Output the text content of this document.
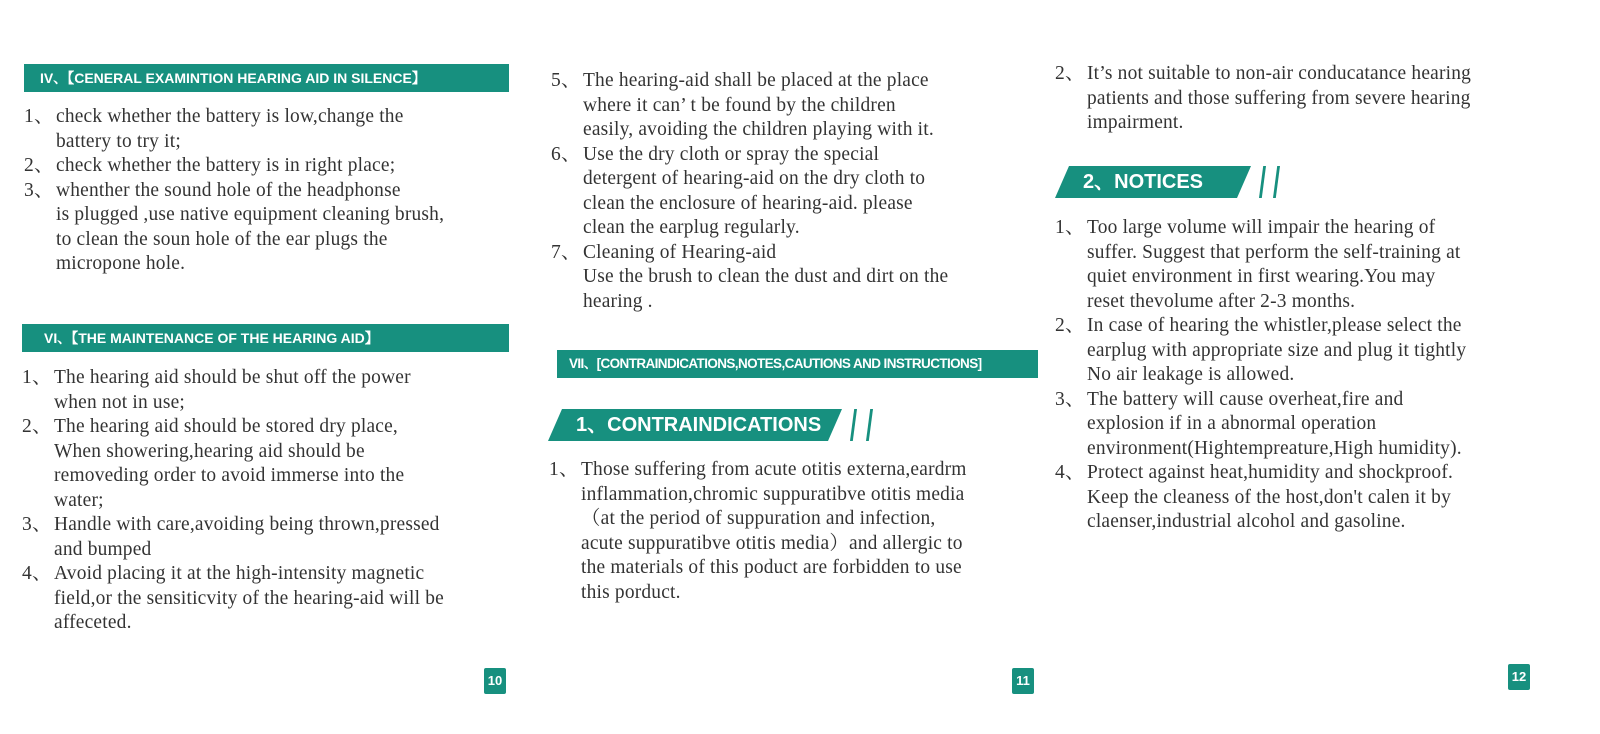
IV、【CENERAL EXAMINTION HEARING AID IN SILENCE】
1、 check whether the battery is low,change the
battery to try it;
2、 check whether the battery is in right place;
3、 whenther the sound hole of the headphonse
is plugged ,use native equipment cleaning brush,
to clean the soun hole of the ear plugs the
micropone hole.
VI、【THE MAINTENANCE OF THE HEARING AID】
1、 The hearing aid should be shut off the power
when not in use;
2、 The hearing aid should be stored dry place,
When showering,hearing aid should be
removeding order to avoid immerse into the
water;
3、 Handle with care,avoiding being thrown,pressed
and bumped
4、 Avoid placing it at the high-intensity magnetic
field,or the sensiticvity of the hearing-aid will be
affeceted.
10
5、 The hearing-aid shall be placed at the place
where it can’ t be found by the children
easily, avoiding the children playing with it.
6、 Use the dry cloth or spray the special
detergent of hearing-aid on the dry cloth to
clean the enclosure of hearing-aid. please
clean the earplug regularly.
7、 Cleaning of Hearing-aid
Use the brush to clean the dust and dirt on the
hearing .
VII、[CONTRAINDICATIONS,NOTES,CAUTIONS AND INSTRUCTIONS]
1、CONTRAINDICATIONS
1、 Those suffering from acute otitis externa,eardrm
inflammation,chromic suppuratibve otitis media
（at the period of suppuration and infection,
acute suppuratibve otitis media）and allergic to
the materials of this poduct are forbidden to use
this porduct.
11
2、 It’s not suitable to non-air conducatance hearing
patients and those suffering from severe hearing
impairment.
2、NOTICES
1、 Too large volume will impair the hearing of
suffer. Suggest that perform the self-training at
quiet environment in first wearing.You may
reset thevolume after 2-3 months.
2、 In case of hearing the whistler,please select the
earplug with appropriate size and plug it tightly
No air leakage is allowed.
3、 The battery will cause overheat,fire and
explosion if in a abnormal operation
environment(Hightempreature,High humidity).
4、 Protect against heat,humidity and shockproof.
Keep the cleaness of the host,don't calen it by
claenser,industrial alcohol and gasoline.
12
